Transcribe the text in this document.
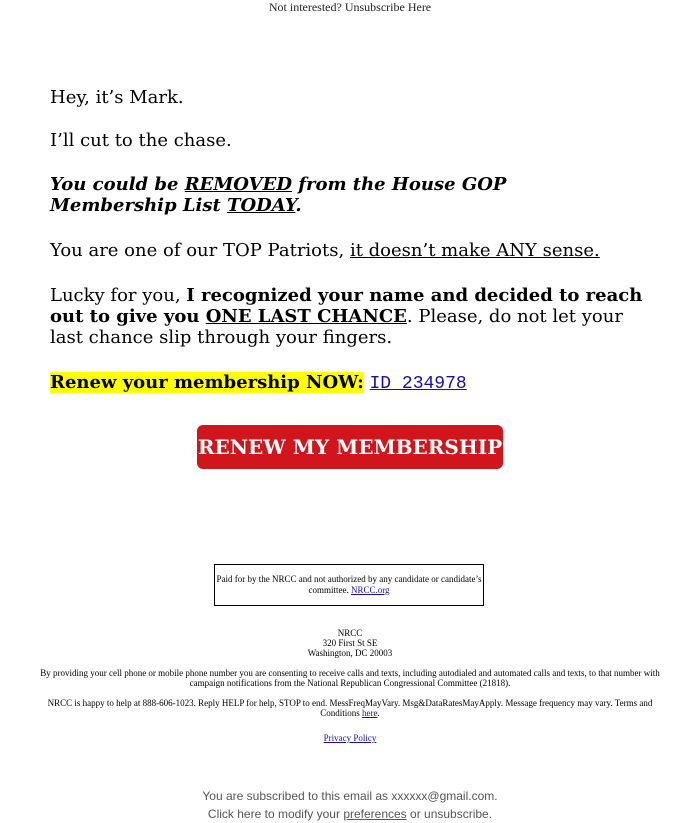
Not interested? Unsubscribe Here
Hey, it’s Mark.
I’ll cut to the chase.
You could be REMOVED from the House GOP Membership List TODAY.
You are one of our TOP Patriots, it doesn’t make ANY sense.
Lucky for you, I recognized your name and decided to reach out to give you ONE LAST CHANCE. Please, do not let your last chance slip through your fingers.
Renew your membership NOW: ID_234978
RENEW MY MEMBERSHIP
Paid for by the NRCC and not authorized by any candidate or candidate’s committee. NRCC.org
NRCC
320 First St SE
Washington, DC 20003
By providing your cell phone or mobile phone number you are consenting to receive calls and texts, including autodialed and automated calls and texts, to that number with campaign notifications from the National Republican Congressional Committee (21818).
NRCC is happy to help at 888-606-1023. Reply HELP for help, STOP to end. MessFreqMayVary. Msg&DataRatesMayApply. Message frequency may vary. Terms and Conditions here.
Privacy Policy
You are subscribed to this email as xxxxxx@gmail.com.
Click here to modify your preferences or unsubscribe.
